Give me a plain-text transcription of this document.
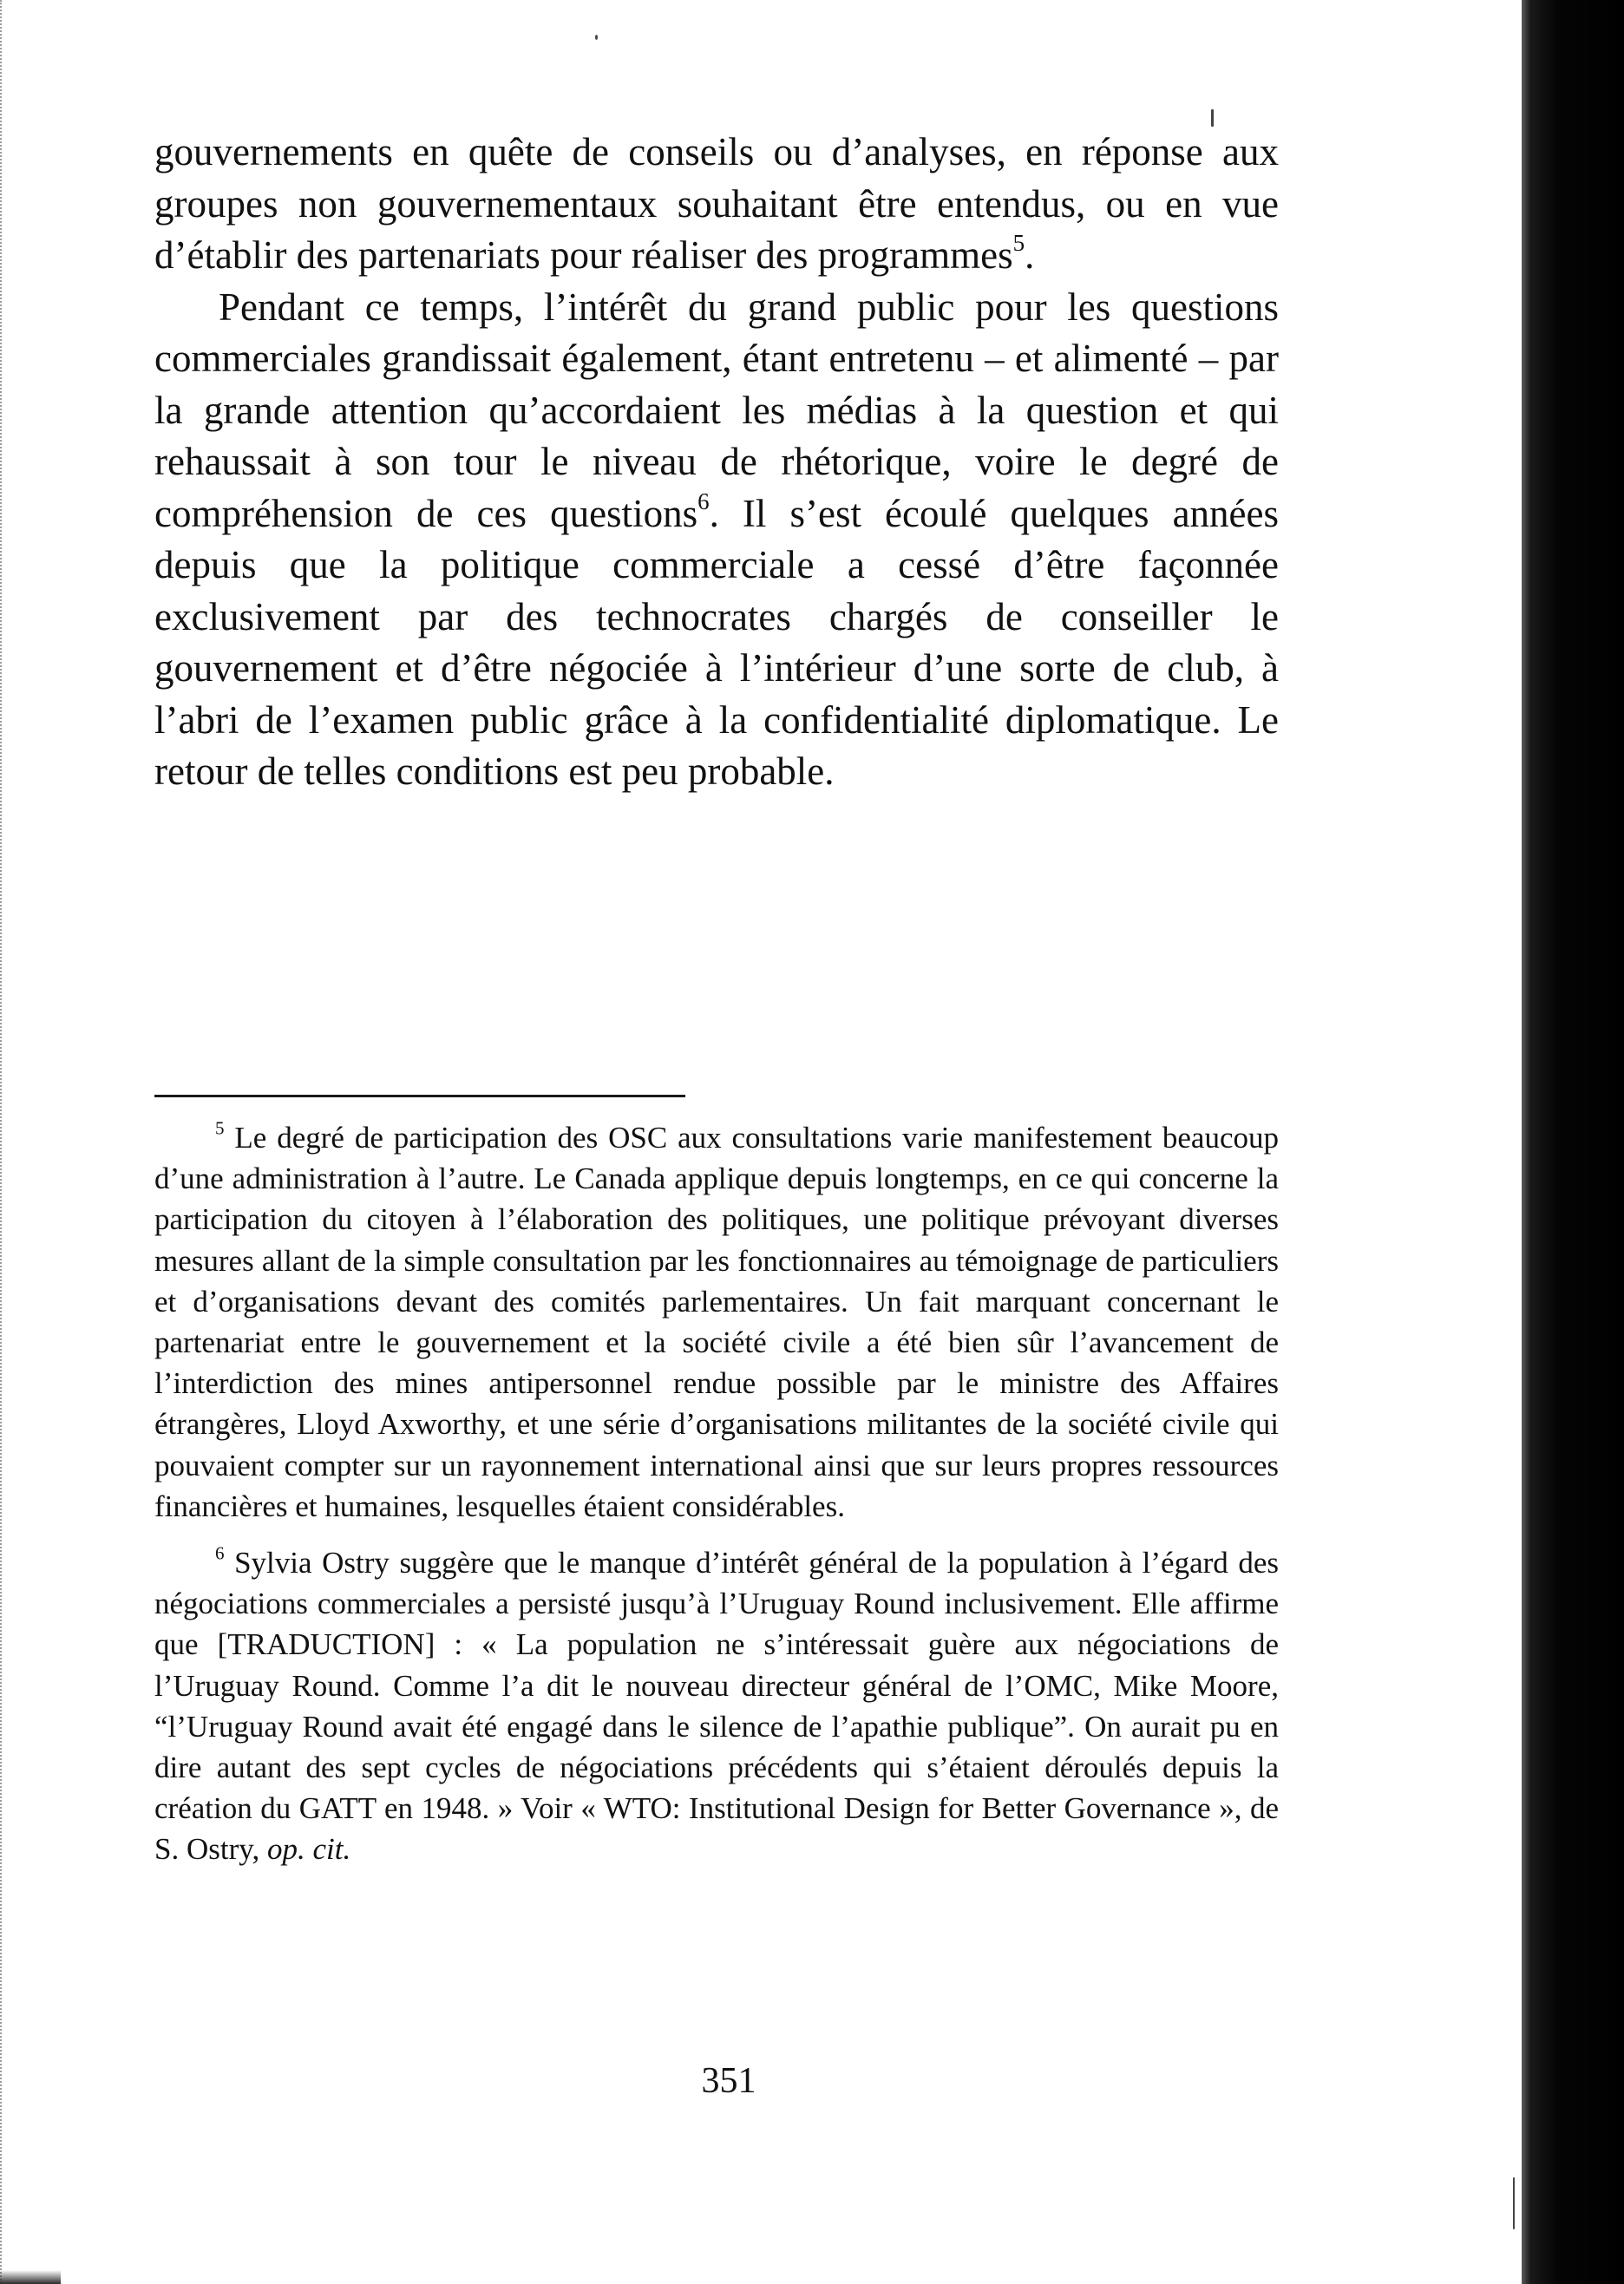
gouvernements en quête de conseils ou d’analyses, en réponse aux groupes non gouvernementaux souhaitant être entendus, ou en vue d’établir des partenariats pour réaliser des programmes$^5$.

Pendant ce temps, l’intérêt du grand public pour les questions commerciales grandissait également, étant entretenu – et alimenté – par la grande attention qu’accordaient les médias à la question et qui rehaussait à son tour le niveau de rhétorique, voire le degré de compréhension de ces questions$^6$. Il s’est écoulé quelques années depuis que la politique commerciale a cessé d’être façonnée exclusivement par des technocrates chargés de conseiller le gouvernement et d’être négociée à l’intérieur d’une sorte de club, à l’abri de l’examen public grâce à la confidentialité diplomatique. Le retour de telles conditions est peu probable.

$^5$ Le degré de participation des OSC aux consultations varie manifestement beaucoup d’une administration à l’autre. Le Canada applique depuis longtemps, en ce qui concerne la participation du citoyen à l’élaboration des politiques, une politique prévoyant diverses mesures allant de la simple consultation par les fonctionnaires au témoignage de particuliers et d’organisations devant des comités parlementaires. Un fait marquant concernant le partenariat entre le gouvernement et la société civile a été bien sûr l’avancement de l’interdiction des mines antipersonnel rendue possible par le ministre des Affaires étrangères, Lloyd Axworthy, et une série d’organisations militantes de la société civile qui pouvaient compter sur un rayonnement international ainsi que sur leurs propres ressources financières et humaines, lesquelles étaient considérables.

$^6$ Sylvia Ostry suggère que le manque d’intérêt général de la population à l’égard des négociations commerciales a persisté jusqu’à l’Uruguay Round inclusivement. Elle affirme que [TRADUCTION] : « La population ne s’intéressait guère aux négociations de l’Uruguay Round. Comme l’a dit le nouveau directeur général de l’OMC, Mike Moore, “l’Uruguay Round avait été engagé dans le silence de l’apathie publique”. On aurait pu en dire autant des sept cycles de négociations précédents qui s’étaient déroulés depuis la création du GATT en 1948. » Voir « WTO: Institutional Design for Better Governance », de S. Ostry, op. cit.

351
